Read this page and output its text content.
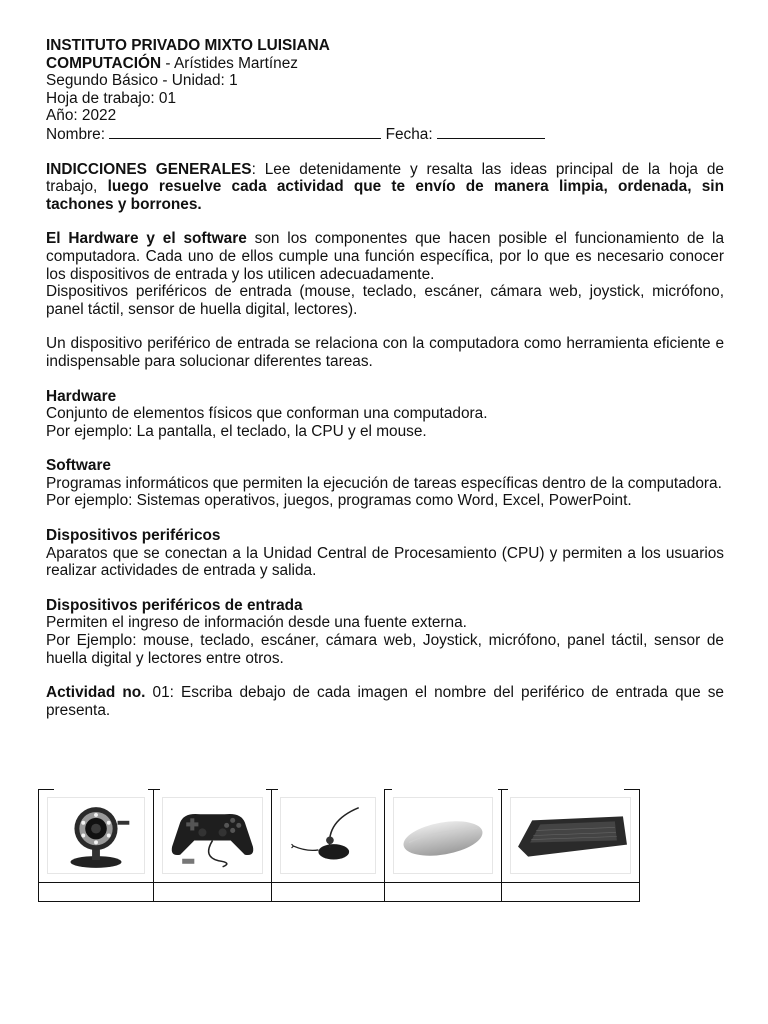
INSTITUTO PRIVADO MIXTO LUISIANA
COMPUTACIÓN - Arístides Martínez
Segundo Básico - Unidad: 1
Hoja de trabajo: 01
Año: 2022
Nombre:	Fecha:

INDICCIONES GENERALES: Lee detenidamente y resalta las ideas principal de la hoja de trabajo, luego resuelve cada actividad que te envío de manera limpia, ordenada, sin tachones y borrones.

El Hardware y el software son los componentes que hacen posible el funcionamiento de la computadora. Cada uno de ellos cumple una función específica, por lo que es necesario conocer los dispositivos de entrada y los utilicen adecuadamente.

Dispositivos periféricos de entrada (mouse, teclado, escáner, cámara web, joystick, micrófono, panel táctil, sensor de huella digital, lectores).

Un dispositivo periférico de entrada se relaciona con la computadora como herramienta eficiente e indispensable para solucionar diferentes tareas.

Hardware

Conjunto de elementos físicos que conforman una computadora.

Por ejemplo: La pantalla, el teclado, la CPU y el mouse.

Software

Programas informáticos que permiten la ejecución de tareas específicas dentro de la computadora.

Por ejemplo: Sistemas operativos, juegos, programas como Word, Excel, PowerPoint.

Dispositivos periféricos

Aparatos que se conectan a la Unidad Central de Procesamiento (CPU) y permiten a los usuarios realizar actividades de entrada y salida.

Dispositivos periféricos de entrada

Permiten el ingreso de información desde una fuente externa.

Por Ejemplo: mouse, teclado, escáner, cámara web, Joystick, micrófono, panel táctil, sensor de huella digital y lectores entre otros.

Actividad no. 01: Escriba debajo de cada imagen el nombre del periférico de entrada que se presenta.
